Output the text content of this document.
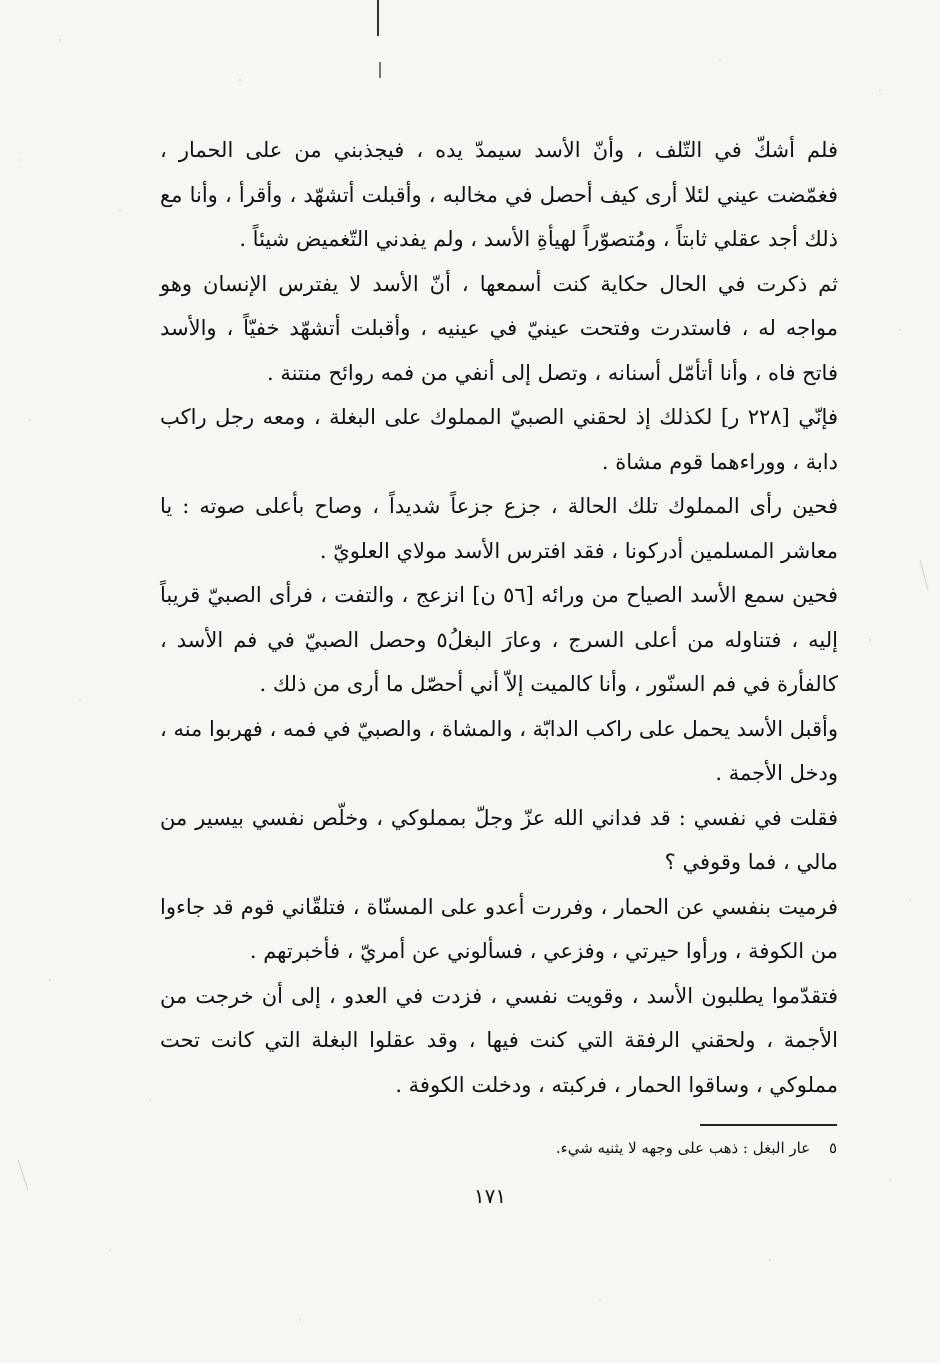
فلم أشكّ في التّلف ، وأنّ الأسد سيمدّ يده ، فيجذبني من على الحمار ، فغمّضت عيني لئلا أرى كيف أحصل في مخالبه ، وأقبلت أتشهّد ، وأقرأ ، وأنا مع ذلك أجد عقلي ثابتاً ، ومُتصوّراً لهيأةِ الأسد ، ولم يفدني التّغميض شيئاً .

ثم ذكرت في الحال حكاية كنت أسمعها ، أنّ الأسد لا يفترس الإنسان وهو مواجه له ، فاستدرت وفتحت عينيّ في عينيه ، وأقبلت أتشهّد خفيّاً ، والأسد فاتح فاه ، وأنا أتأمّل أسنانه ، وتصل إلى أنفي من فمه روائح منتنة .

فإنّي [٢٢٨ ر] لكذلك إذ لحقني الصبيّ المملوك على البغلة ، ومعه رجل راكب دابة ، ووراءهما قوم مشاة .

فحين رأى المملوك تلك الحالة ، جزع جزعاً شديداً ، وصاح بأعلى صوته : يا معاشر المسلمين أدركونا ، فقد افترس الأسد مولاي العلويّ .

فحين سمع الأسد الصياح من ورائه [٥٦ ن] انزعج ، والتفت ، فرأى الصبيّ قريباً إليه ، فتناوله من أعلى السرج ، وعارَ البغلُ٥ وحصل الصبيّ في فم الأسد ، كالفأرة في فم السنّور ، وأنا كالميت إلاّ أني أحصّل ما أرى من ذلك .

وأقبل الأسد يحمل على راكب الدابّة ، والمشاة ، والصبيّ في فمه ، فهربوا منه ، ودخل الأجمة .

فقلت في نفسي : قد فداني الله عزّ وجلّ بمملوكي ، وخلّص نفسي بيسير من مالي ، فما وقوفي ؟

فرميت بنفسي عن الحمار ، وفررت أعدو على المسنّاة ، فتلقّاني قوم قد جاءوا من الكوفة ، ورأوا حيرتي ، وفزعي ، فسألوني عن أمريّ ، فأخبرتهم .

فتقدّموا يطلبون الأسد ، وقويت نفسي ، فزدت في العدو ، إلى أن خرجت من الأجمة ، ولحقني الرفقة التي كنت فيها ، وقد عقلوا البغلة التي كانت تحت مملوكي ، وساقوا الحمار ، فركبته ، ودخلت الكوفة .

٥ عار البغل : ذهب على وجهه لا يثنيه شيء.
١٧١
